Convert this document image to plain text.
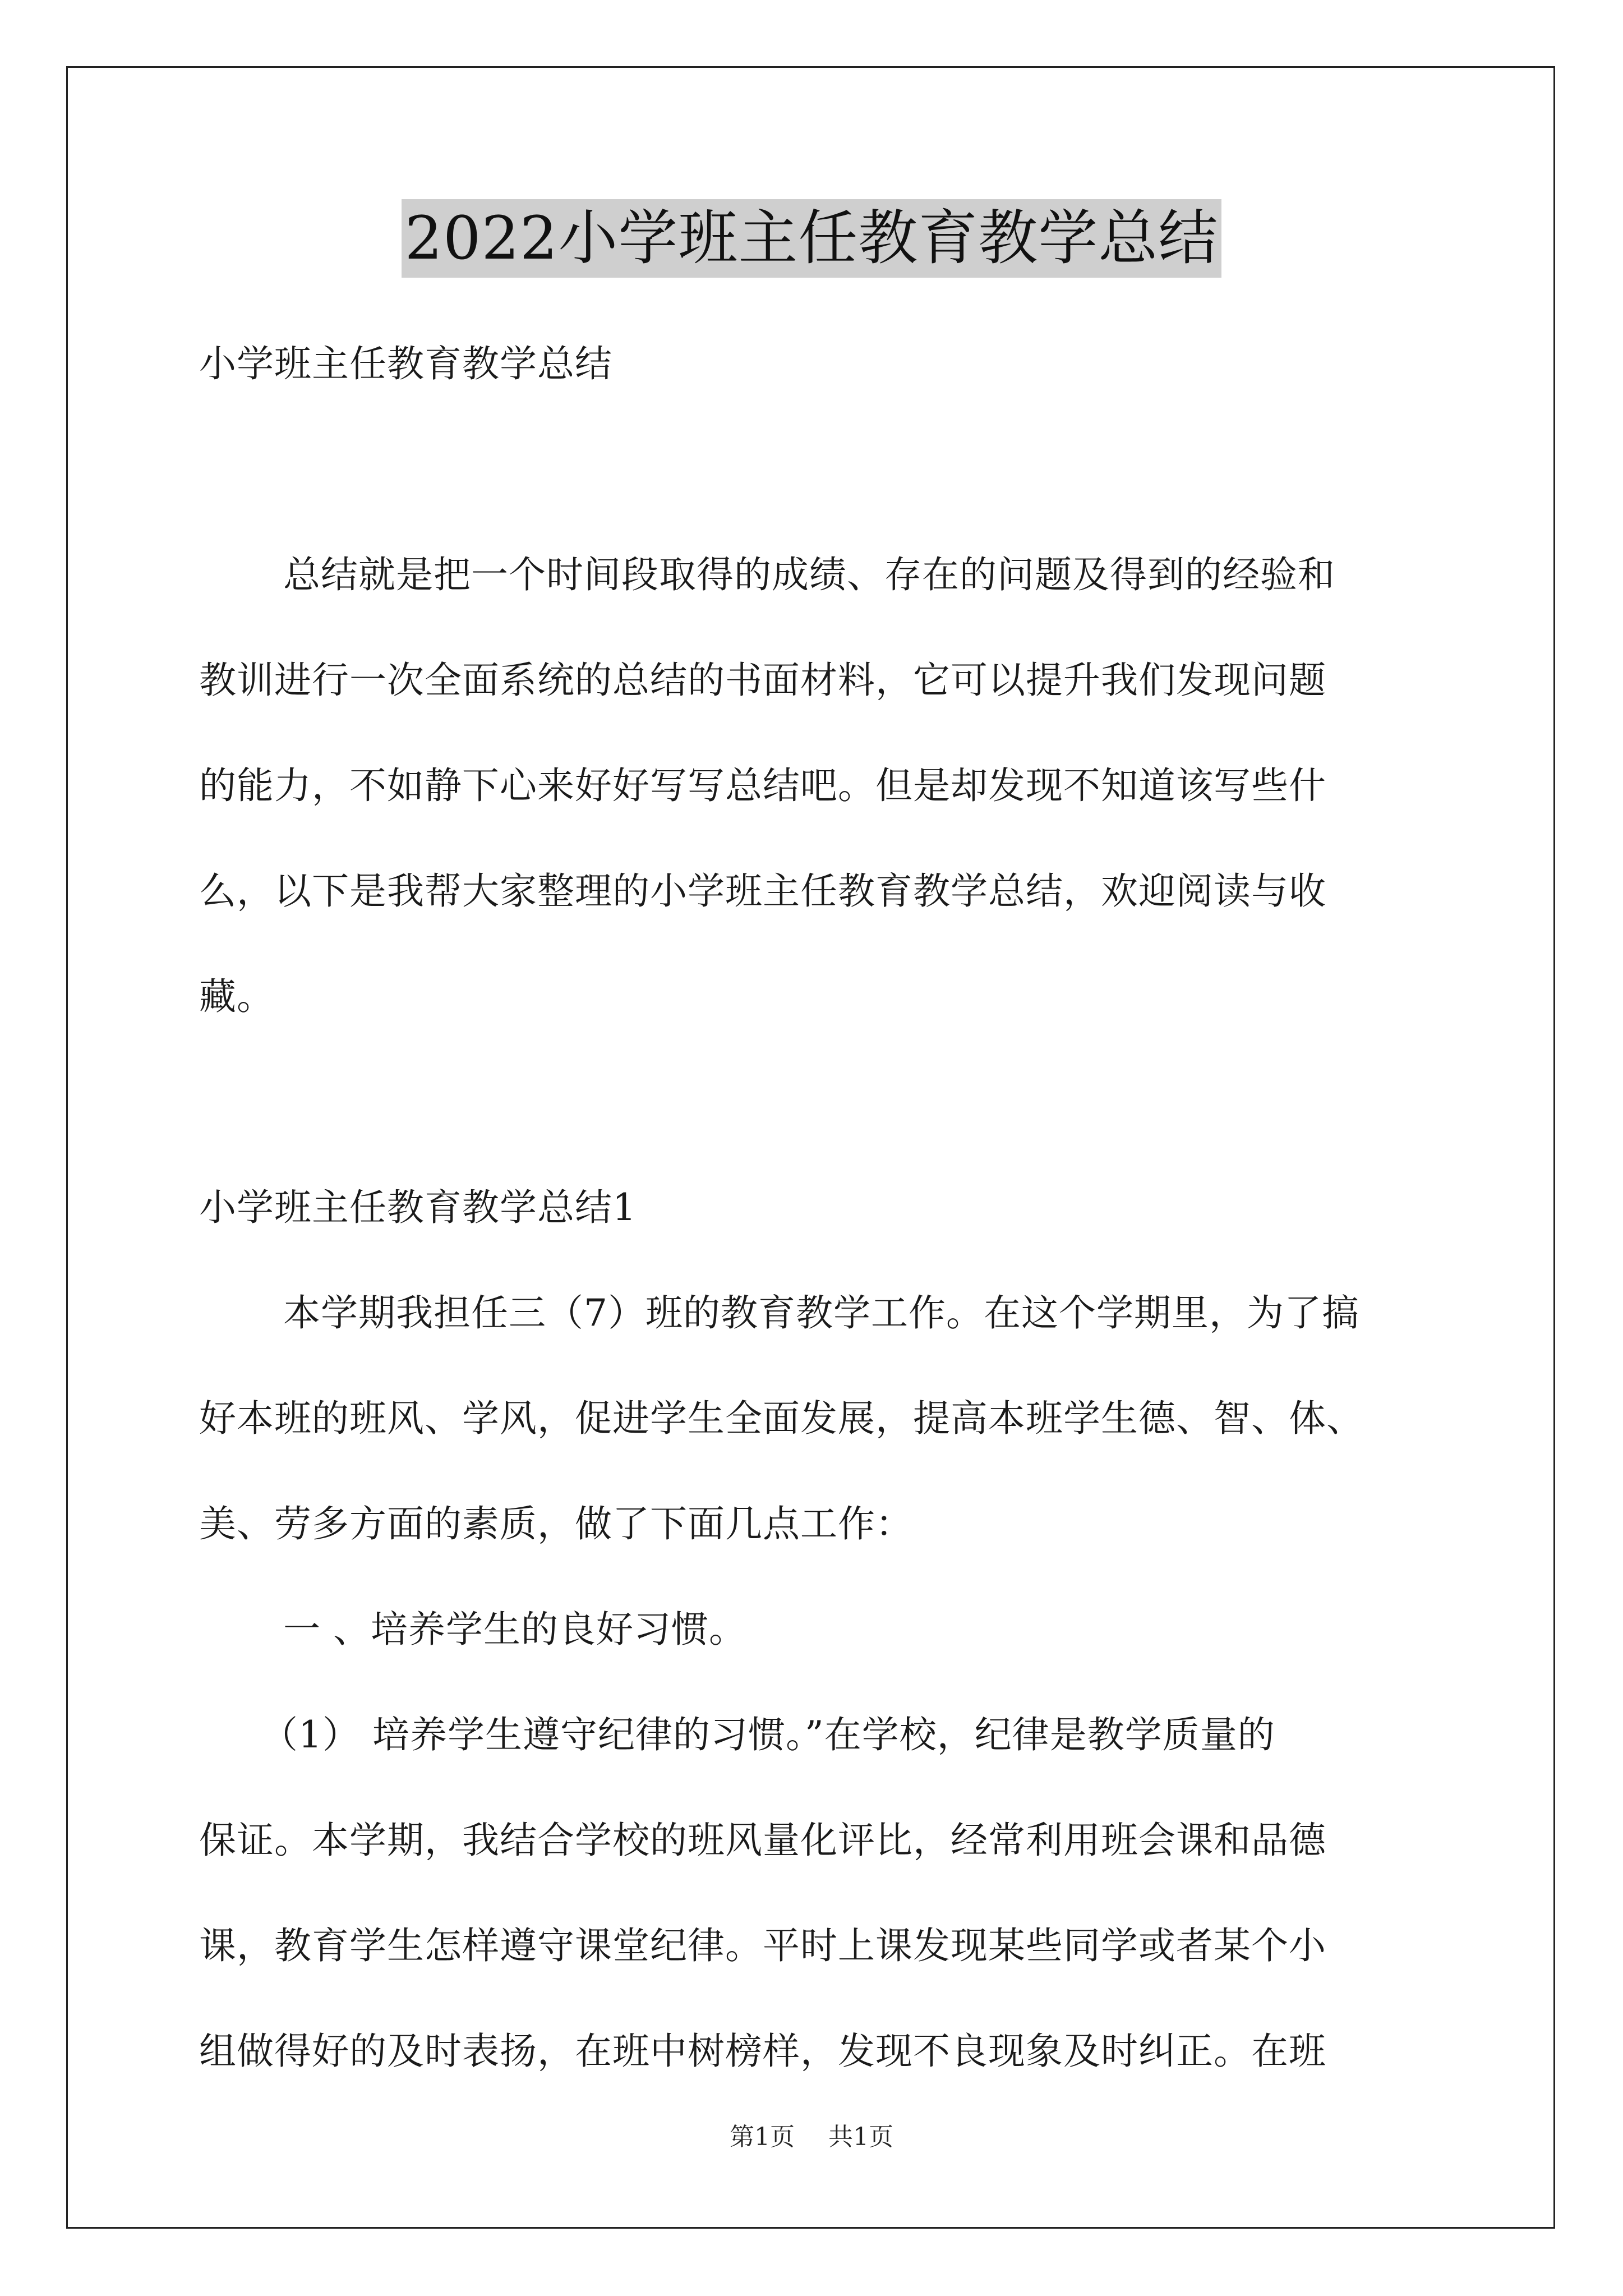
2022小学班主任教育教学总结
小学班主任教育教学总结
总结就是把一个时间段取得的成绩、存在的问题及得到的经验和
教训进行一次全面系统的总结的书面材料，它可以提升我们发现问题
的能力，不如静下心来好好写写总结吧。但是却发现不知道该写些什
么，以下是我帮大家整理的小学班主任教育教学总结，欢迎阅读与收
藏。
小学班主任教育教学总结1
本学期我担任三（7）班的教育教学工作。在这个学期里，为了搞
好本班的班风、学风，促进学生全面发展，提高本班学生德、智、体、
美、劳多方面的素质，做了下面几点工作：
一 、培养学生的良好习惯。
（1） 培养学生遵守纪律的习惯。”在学校，纪律是教学质量的
保证。本学期，我结合学校的班风量化评比，经常利用班会课和品德
课，教育学生怎样遵守课堂纪律。平时上课发现某些同学或者某个小
组做得好的及时表扬，在班中树榜样，发现不良现象及时纠正。在班
第1页 共1页
